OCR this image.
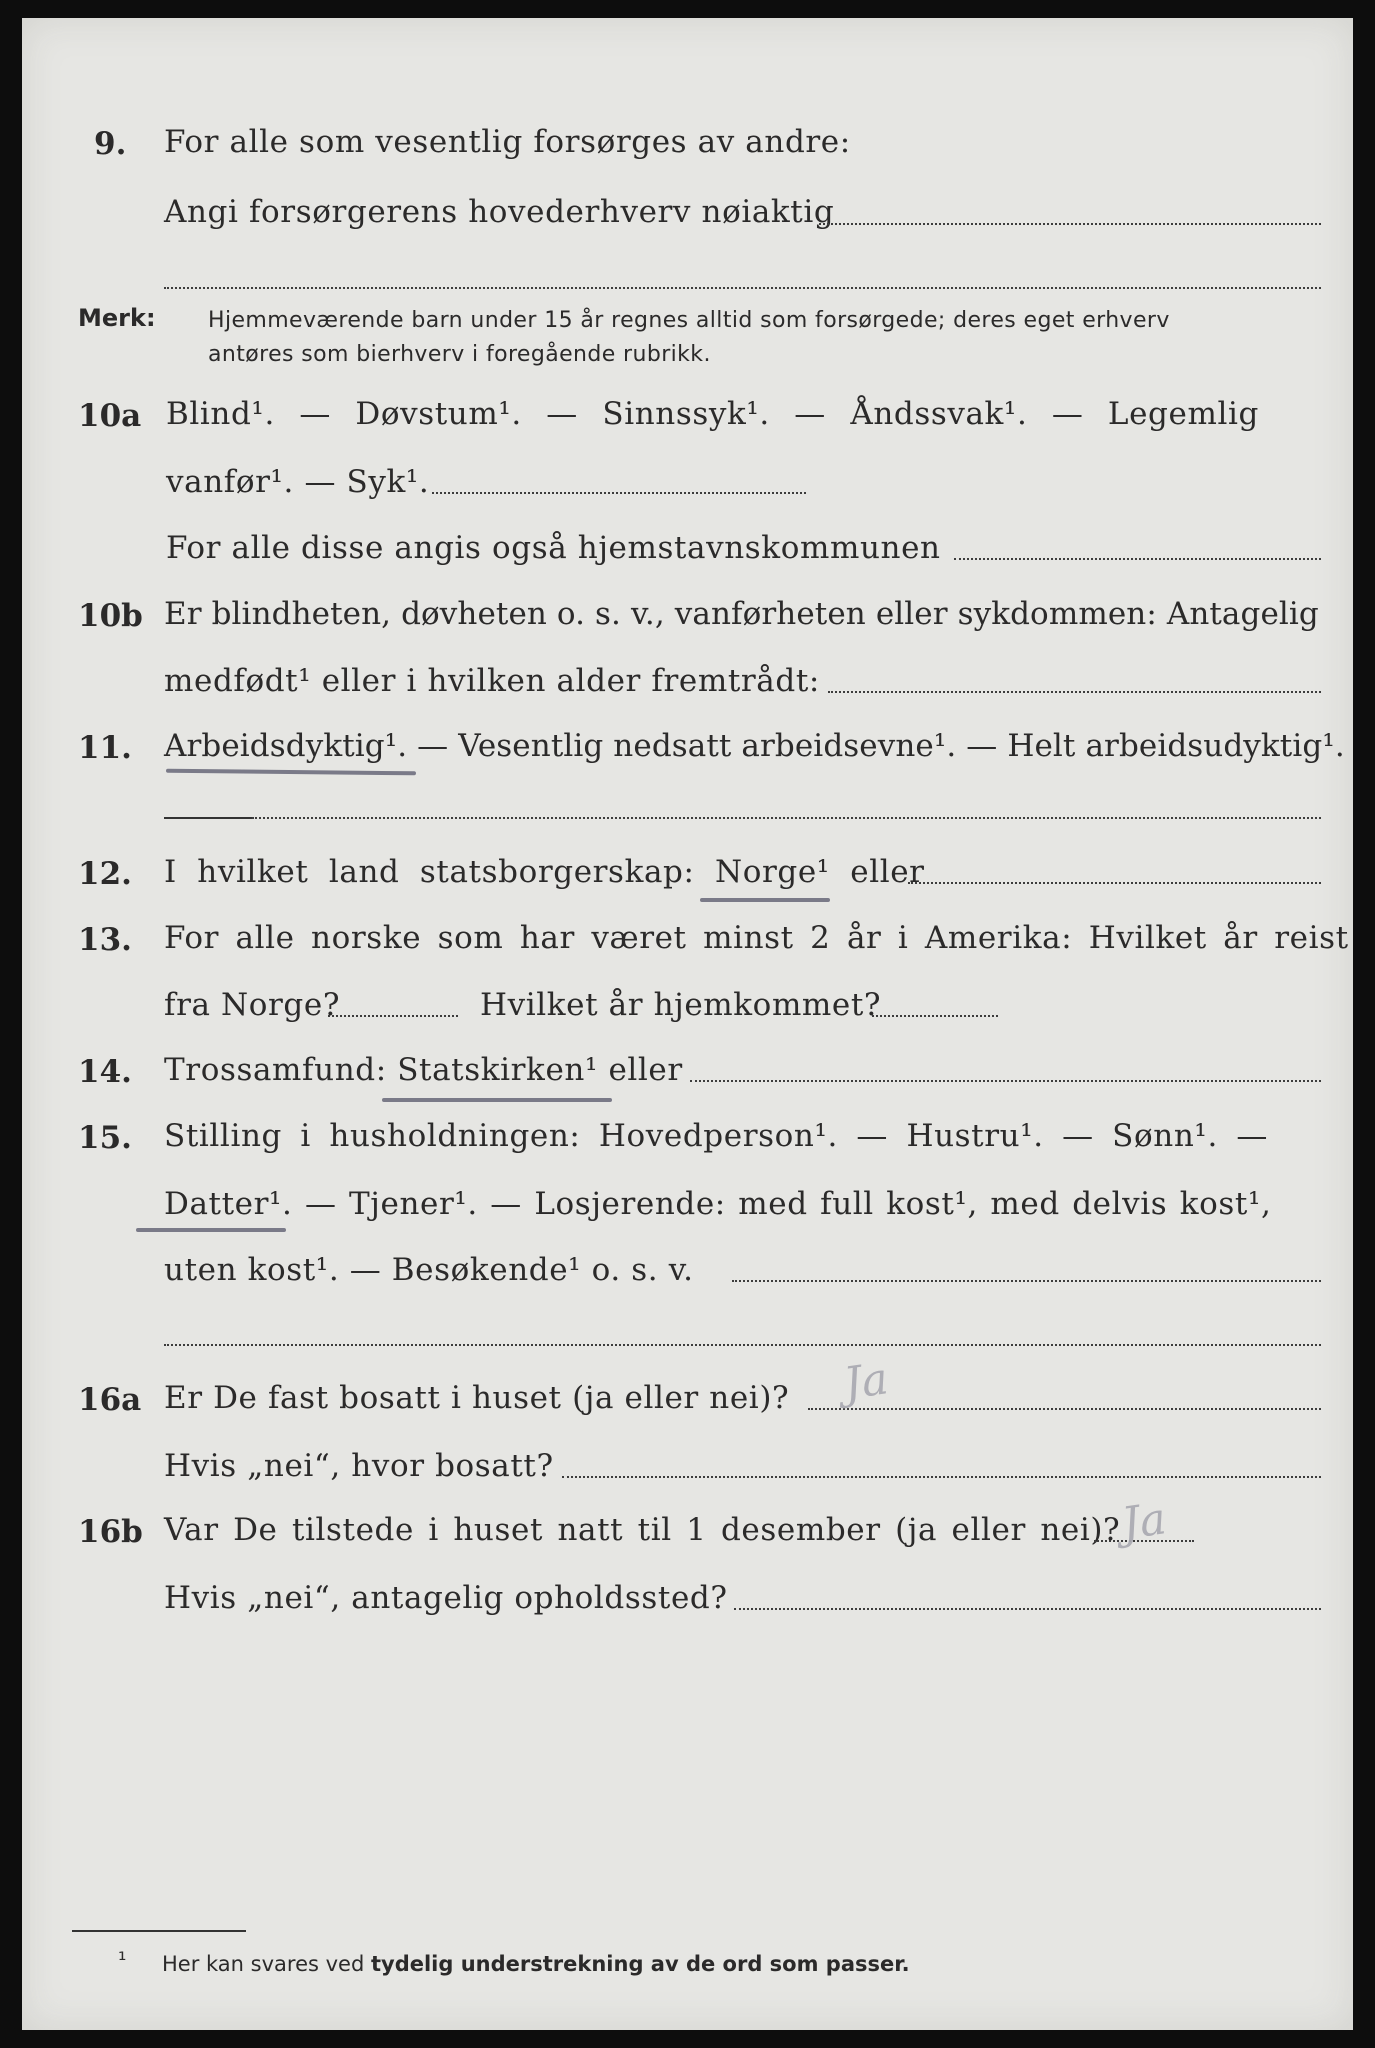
9. For alle som vesentlig forsørges av andre:
Angi forsørgerens hovederhverv nøiaktig
Merk: Hjemmeværende barn under 15 år regnes alltid som forsørgede; deres eget erhverv
antøres som bierhverv i foregående rubrikk.
10a Blind¹. — Døvstum¹. — Sinnssyk¹. — Åndssvak¹. — Legemlig
vanfør¹. — Syk¹.
For alle disse angis også hjemstavnskommunen
10b Er blindheten, døvheten o. s. v., vanførheten eller sykdommen: Antagelig
medfødt¹ eller i hvilken alder fremtrådt:
11. Arbeidsdyktig¹. — Vesentlig nedsatt arbeidsevne¹. — Helt arbeidsudyktig¹.
12. I hvilket land statsborgerskap: Norge¹ eller
13. For alle norske som har været minst 2 år i Amerika: Hvilket år reist
fra Norge?	Hvilket år hjemkommet?
14. Trossamfund: Statskirken¹ eller
15. Stilling i husholdningen: Hovedperson¹. — Hustru¹. — Sønn¹. —
Datter¹. — Tjener¹. — Losjerende: med full kost¹, med delvis kost¹,
uten kost¹. — Besøkende¹ o. s. v.
16a Er De fast bosatt i huset (ja eller nei)? Ja
Hvis „nei“, hvor bosatt?
16b Var De tilstede i huset natt til 1 desember (ja eller nei)?
Ja
Hvis „nei“, antagelig opholdssted?
¹ Her kan svares ved tydelig understrekning av de ord som passer.
